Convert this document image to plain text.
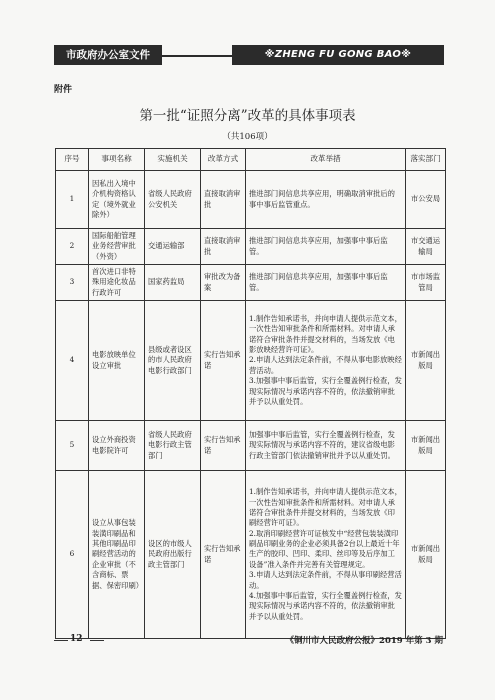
市政府办公室文件	※ZHENG FU GONG BAO※
附件
第一批“证照分离”改革的具体事项表
（共106项）
序号	事项名称	实施机关	改革方式	改革举措	落实部门
1	因私出入境中介机构资格认定（境外就业除外）	省级人民政府公安机关	直接取消审批	推进部门间信息共享应用，明确取消审批后的事中事后监管重点。	市公安局
2	国际船舶管理业务经营审批（外资）	交通运输部	直接取消审批	推进部门间信息共享应用，加强事中事后监管。	市交通运输局
3	首次进口非特殊用途化妆品行政许可	国家药监局	审批改为备案	推进部门间信息共享应用，加强事中事后监管。	市市场监管局
4	电影放映单位设立审批	县级或者设区的市人民政府电影行政部门	实行告知承诺	1.制作告知承诺书，并向申请人提供示范文本，一次性告知审批条件和所需材料。对申请人承诺符合审批条件并提交材料的，当场发放《电影放映经营许可证》。
2.申请人达到法定条件前，不得从事电影放映经营活动。
3.加强事中事后监管，实行全覆盖例行检查，发现实际情况与承诺内容不符的，依法撤销审批并予以从重处罚。	市新闻出版局
5	设立外商投资电影院许可	省级人民政府电影行政主管部门	实行告知承诺	加强事中事后监管，实行全覆盖例行检查，发现实际情况与承诺内容不符的，建议省级电影行政主管部门依法撤销审批并予以从重处罚。	市新闻出版局
6	设立从事包装装潢印刷品和其他印刷品印刷经营活动的企业审批（不含商标、票据、保密印刷）	设区的市级人民政府出版行政主管部门	实行告知承诺	1.制作告知承诺书，并向申请人提供示范文本，一次性告知审批条件和所需材料。对申请人承诺符合审批条件并提交材料的，当场发放《印刷经营许可证》。
2.取消印刷经营许可证核发中“经营包装装潢印刷品印刷业务的企业必须具备2台以上最近十年生产的胶印、凹印、柔印、丝印等及后序加工设备”准入条件并完善有关管理规定。
3.申请人达到法定条件前，不得从事印刷经营活动。
4.加强事中事后监管，实行全覆盖例行检查，发现实际情况与承诺内容不符的，依法撤销审批并予以从重处罚。	市新闻出版局
12	《铜川市人民政府公报》2019 年第 3 期
